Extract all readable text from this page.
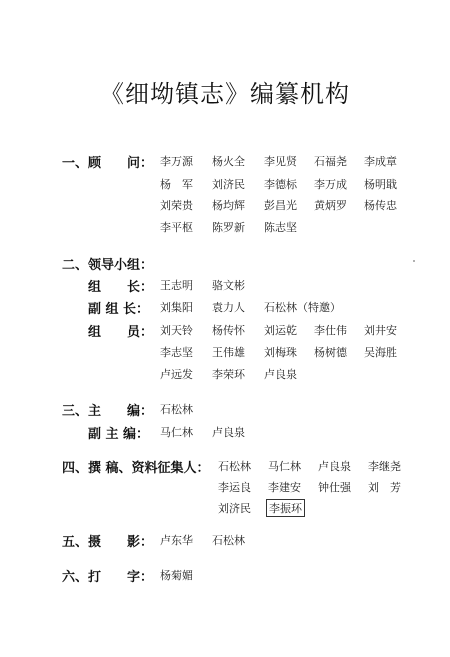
《细坳镇志》编纂机构
一、顾　　问： 李万源 杨火全 李见贤 石福尧 李成章
杨　军 刘济民 李德标 李万成 杨明戢
刘荣贵 杨均辉 彭昌光 黄炳罗 杨传忠
李平枢 陈罗新 陈志坚
二、领导小组：
组　　长： 王志明 骆文彬
副 组 长： 刘集阳 袁力人 石松林（特邀）
组　　员： 刘天铃 杨传怀 刘运乾 李仕伟 刘井安
李志坚 王伟雄 刘梅珠 杨树德 吴海胜
卢远发 李荣环 卢良泉
三、主　　编： 石松林
副 主 编： 马仁林 卢良泉
四、撰 稿、资料征集人： 石松林 马仁林 卢良泉 李继尧
李运良 李建安 钟仕强 刘　芳
刘济民 李振环
五、摄　　影： 卢东华 石松林
六、打　　字： 杨菊媚
